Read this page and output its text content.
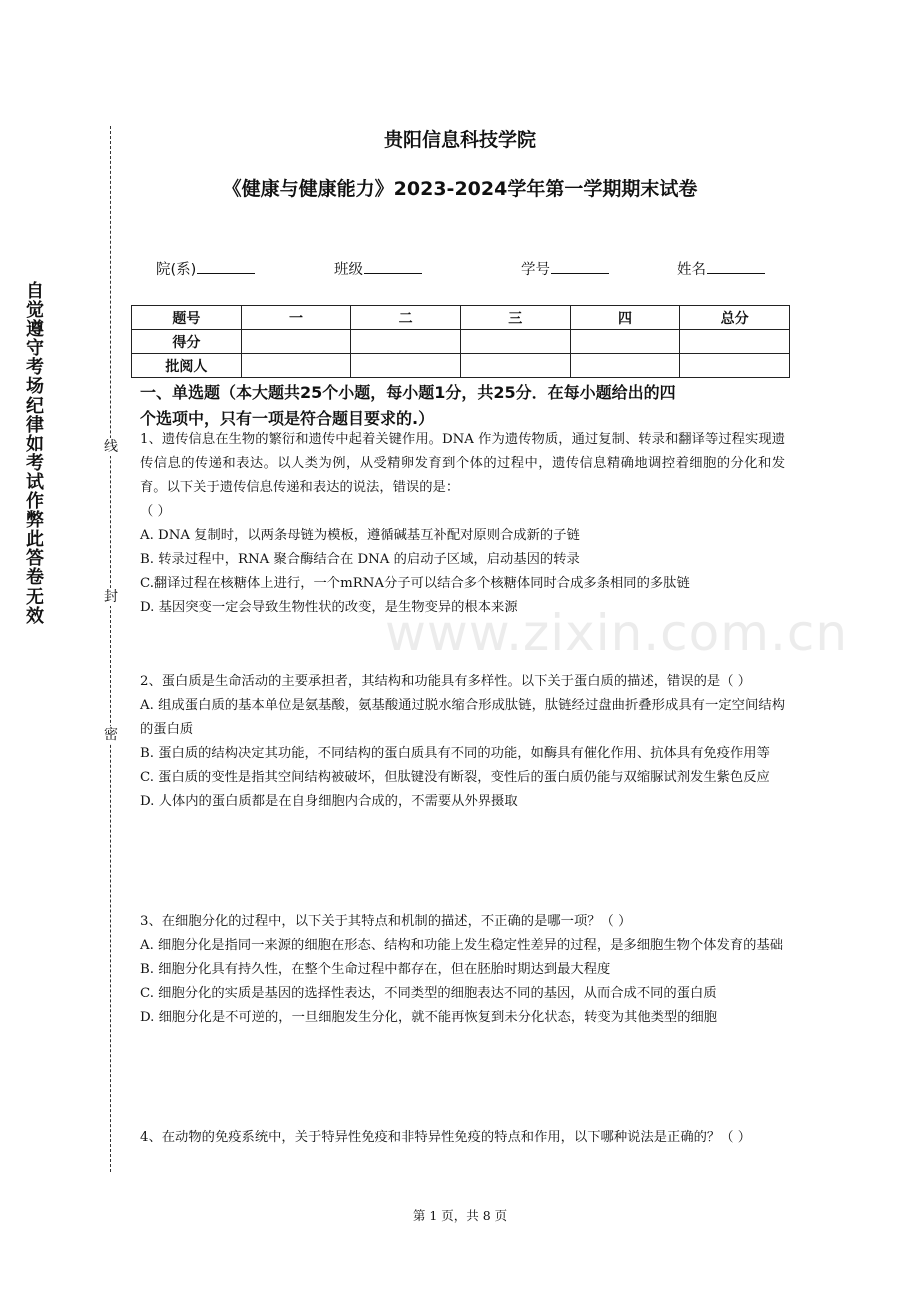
自觉遵守考场纪律如考试作弊此答卷无效
线
封
密
www.zixin.com.cn
贵阳信息科技学院
《健康与健康能力》2023-2024学年第一学期期末试卷
院(系)	班级	学号	姓名
题号	一	二	三	四	总分
得分					
批阅人					
一、单选题（本大题共25个小题，每小题1分，共25分．在每小题给出的四
个选项中，只有一项是符合题目要求的.）

1、遗传信息在生物的繁衍和遗传中起着关键作用。DNA 作为遗传物质，通过复制、转录和翻译等过程实现遗传信息的传递和表达。以人类为例，从受精卵发育到个体的过程中，遗传信息精确地调控着细胞的分化和发育。以下关于遗传信息传递和表达的说法，错误的是：

（ ）

A. DNA 复制时，以两条母链为模板，遵循碱基互补配对原则合成新的子链

B. 转录过程中，RNA 聚合酶结合在 DNA 的启动子区域，启动基因的转录

C.翻译过程在核糖体上进行，一个mRNA分子可以结合多个核糖体同时合成多条相同的多肽链

D. 基因突变一定会导致生物性状的改变，是生物变异的根本来源

2、蛋白质是生命活动的主要承担者，其结构和功能具有多样性。以下关于蛋白质的描述，错误的是（ ）

A. 组成蛋白质的基本单位是氨基酸，氨基酸通过脱水缩合形成肽链，肽链经过盘曲折叠形成具有一定空间结构的蛋白质

B. 蛋白质的结构决定其功能，不同结构的蛋白质具有不同的功能，如酶具有催化作用、抗体具有免疫作用等

C. 蛋白质的变性是指其空间结构被破坏，但肽键没有断裂，变性后的蛋白质仍能与双缩脲试剂发生紫色反应

D. 人体内的蛋白质都是在自身细胞内合成的，不需要从外界摄取

3、在细胞分化的过程中，以下关于其特点和机制的描述，不正确的是哪一项？（ ）

A. 细胞分化是指同一来源的细胞在形态、结构和功能上发生稳定性差异的过程，是多细胞生物个体发育的基础

B. 细胞分化具有持久性，在整个生命过程中都存在，但在胚胎时期达到最大程度

C. 细胞分化的实质是基因的选择性表达，不同类型的细胞表达不同的基因，从而合成不同的蛋白质

D. 细胞分化是不可逆的，一旦细胞发生分化，就不能再恢复到未分化状态，转变为其他类型的细胞

4、在动物的免疫系统中，关于特异性免疫和非特异性免疫的特点和作用，以下哪种说法是正确的？（ ）

第 1 页，共 8 页
